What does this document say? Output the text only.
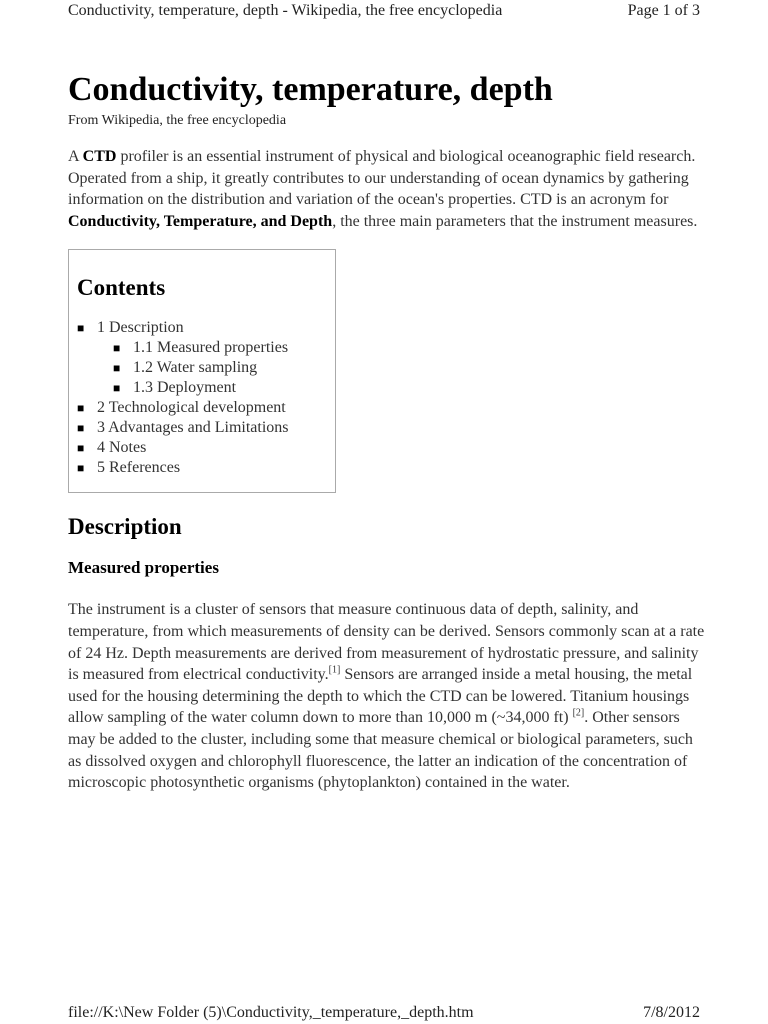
Conductivity, temperature, depth - Wikipedia, the free encyclopedia	Page 1 of 3
Conductivity, temperature, depth
From Wikipedia, the free encyclopedia

A CTD profiler is an essential instrument of physical and biological oceanographic field research. Operated from a ship, it greatly contributes to our understanding of ocean dynamics by gathering information on the distribution and variation of the ocean's properties. CTD is an acronym for Conductivity, Temperature, and Depth, the three main parameters that the instrument measures.

Contents
■ 1 Description
■ 1.1 Measured properties
■ 1.2 Water sampling
■ 1.3 Deployment
■ 2 Technological development
■ 3 Advantages and Limitations
■ 4 Notes
■ 5 References
Description
Measured properties

The instrument is a cluster of sensors that measure continuous data of depth, salinity, and temperature, from which measurements of density can be derived. Sensors commonly scan at a rate of 24 Hz. Depth measurements are derived from measurement of hydrostatic pressure, and salinity is measured from electrical conductivity.[1] Sensors are arranged inside a metal housing, the metal used for the housing determining the depth to which the CTD can be lowered. Titanium housings allow sampling of the water column down to more than 10,000 m (~34,000 ft) [2]. Other sensors may be added to the cluster, including some that measure chemical or biological parameters, such as dissolved oxygen and chlorophyll fluorescence, the latter an indication of the concentration of microscopic photosynthetic organisms (phytoplankton) contained in the water.

file://K:\New Folder (5)\Conductivity,_temperature,_depth.htm	7/8/2012
